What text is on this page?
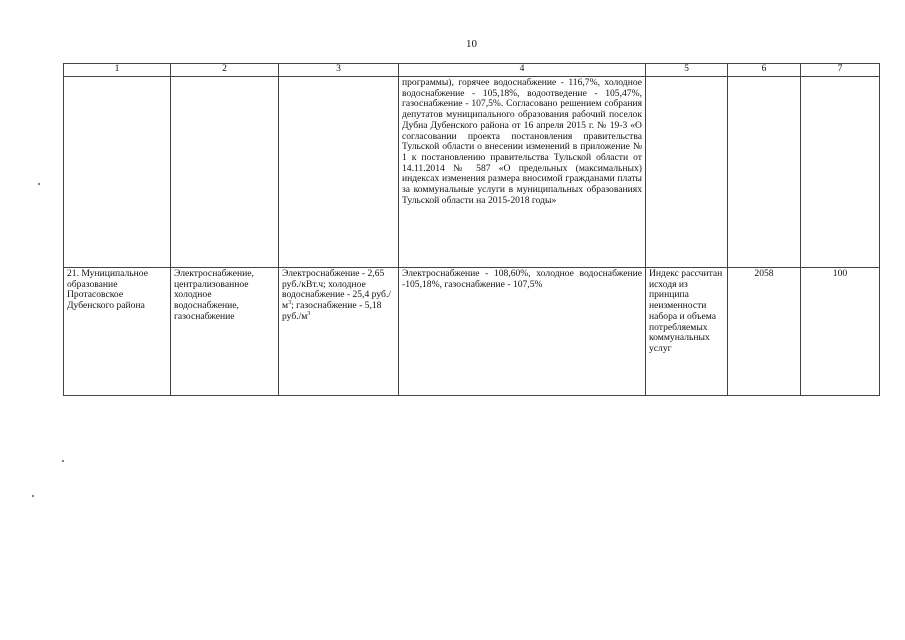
10
1	2	3	4	5	6	7
			программы), горячее водоснабжение - 116,7%, холодное водоснабжение - 105,18%, водоотведение - 105,47%, газоснабжение - 107,5%. Согласовано решением собрания депутатов муниципального образования рабочий поселок Дубна Дубенского района от 16 апреля 2015 г. № 19-3 «О согласовании проекта постановления правительства Тульской области о внесении изменений в приложение № 1 к постановлению правительства Тульской области от 14.11.2014 № 587 «О предельных (максимальных) индексах изменения размера вносимой гражданами платы за коммунальные услуги в муниципальных образованиях Тульской области на 2015-2018 годы»			
21. Муниципальное образование Протасовское Дубенского района	Электроснабжение, централизованное холодное водоснабжение, газоснабжение	Электроснабжение - 2,65 руб./кВт.ч; холодное водоснабжение - 25,4 $руб./м^3$; газоснабжение - 5,18 $руб./м^3$	Электроснабжение - 108,60%, холодное водоснабжение -105,18%, газоснабжение - 107,5%	Индекс рассчитан исходя из принципа неизменности набора и объема потребляемых коммунальных услуг	2058	100
